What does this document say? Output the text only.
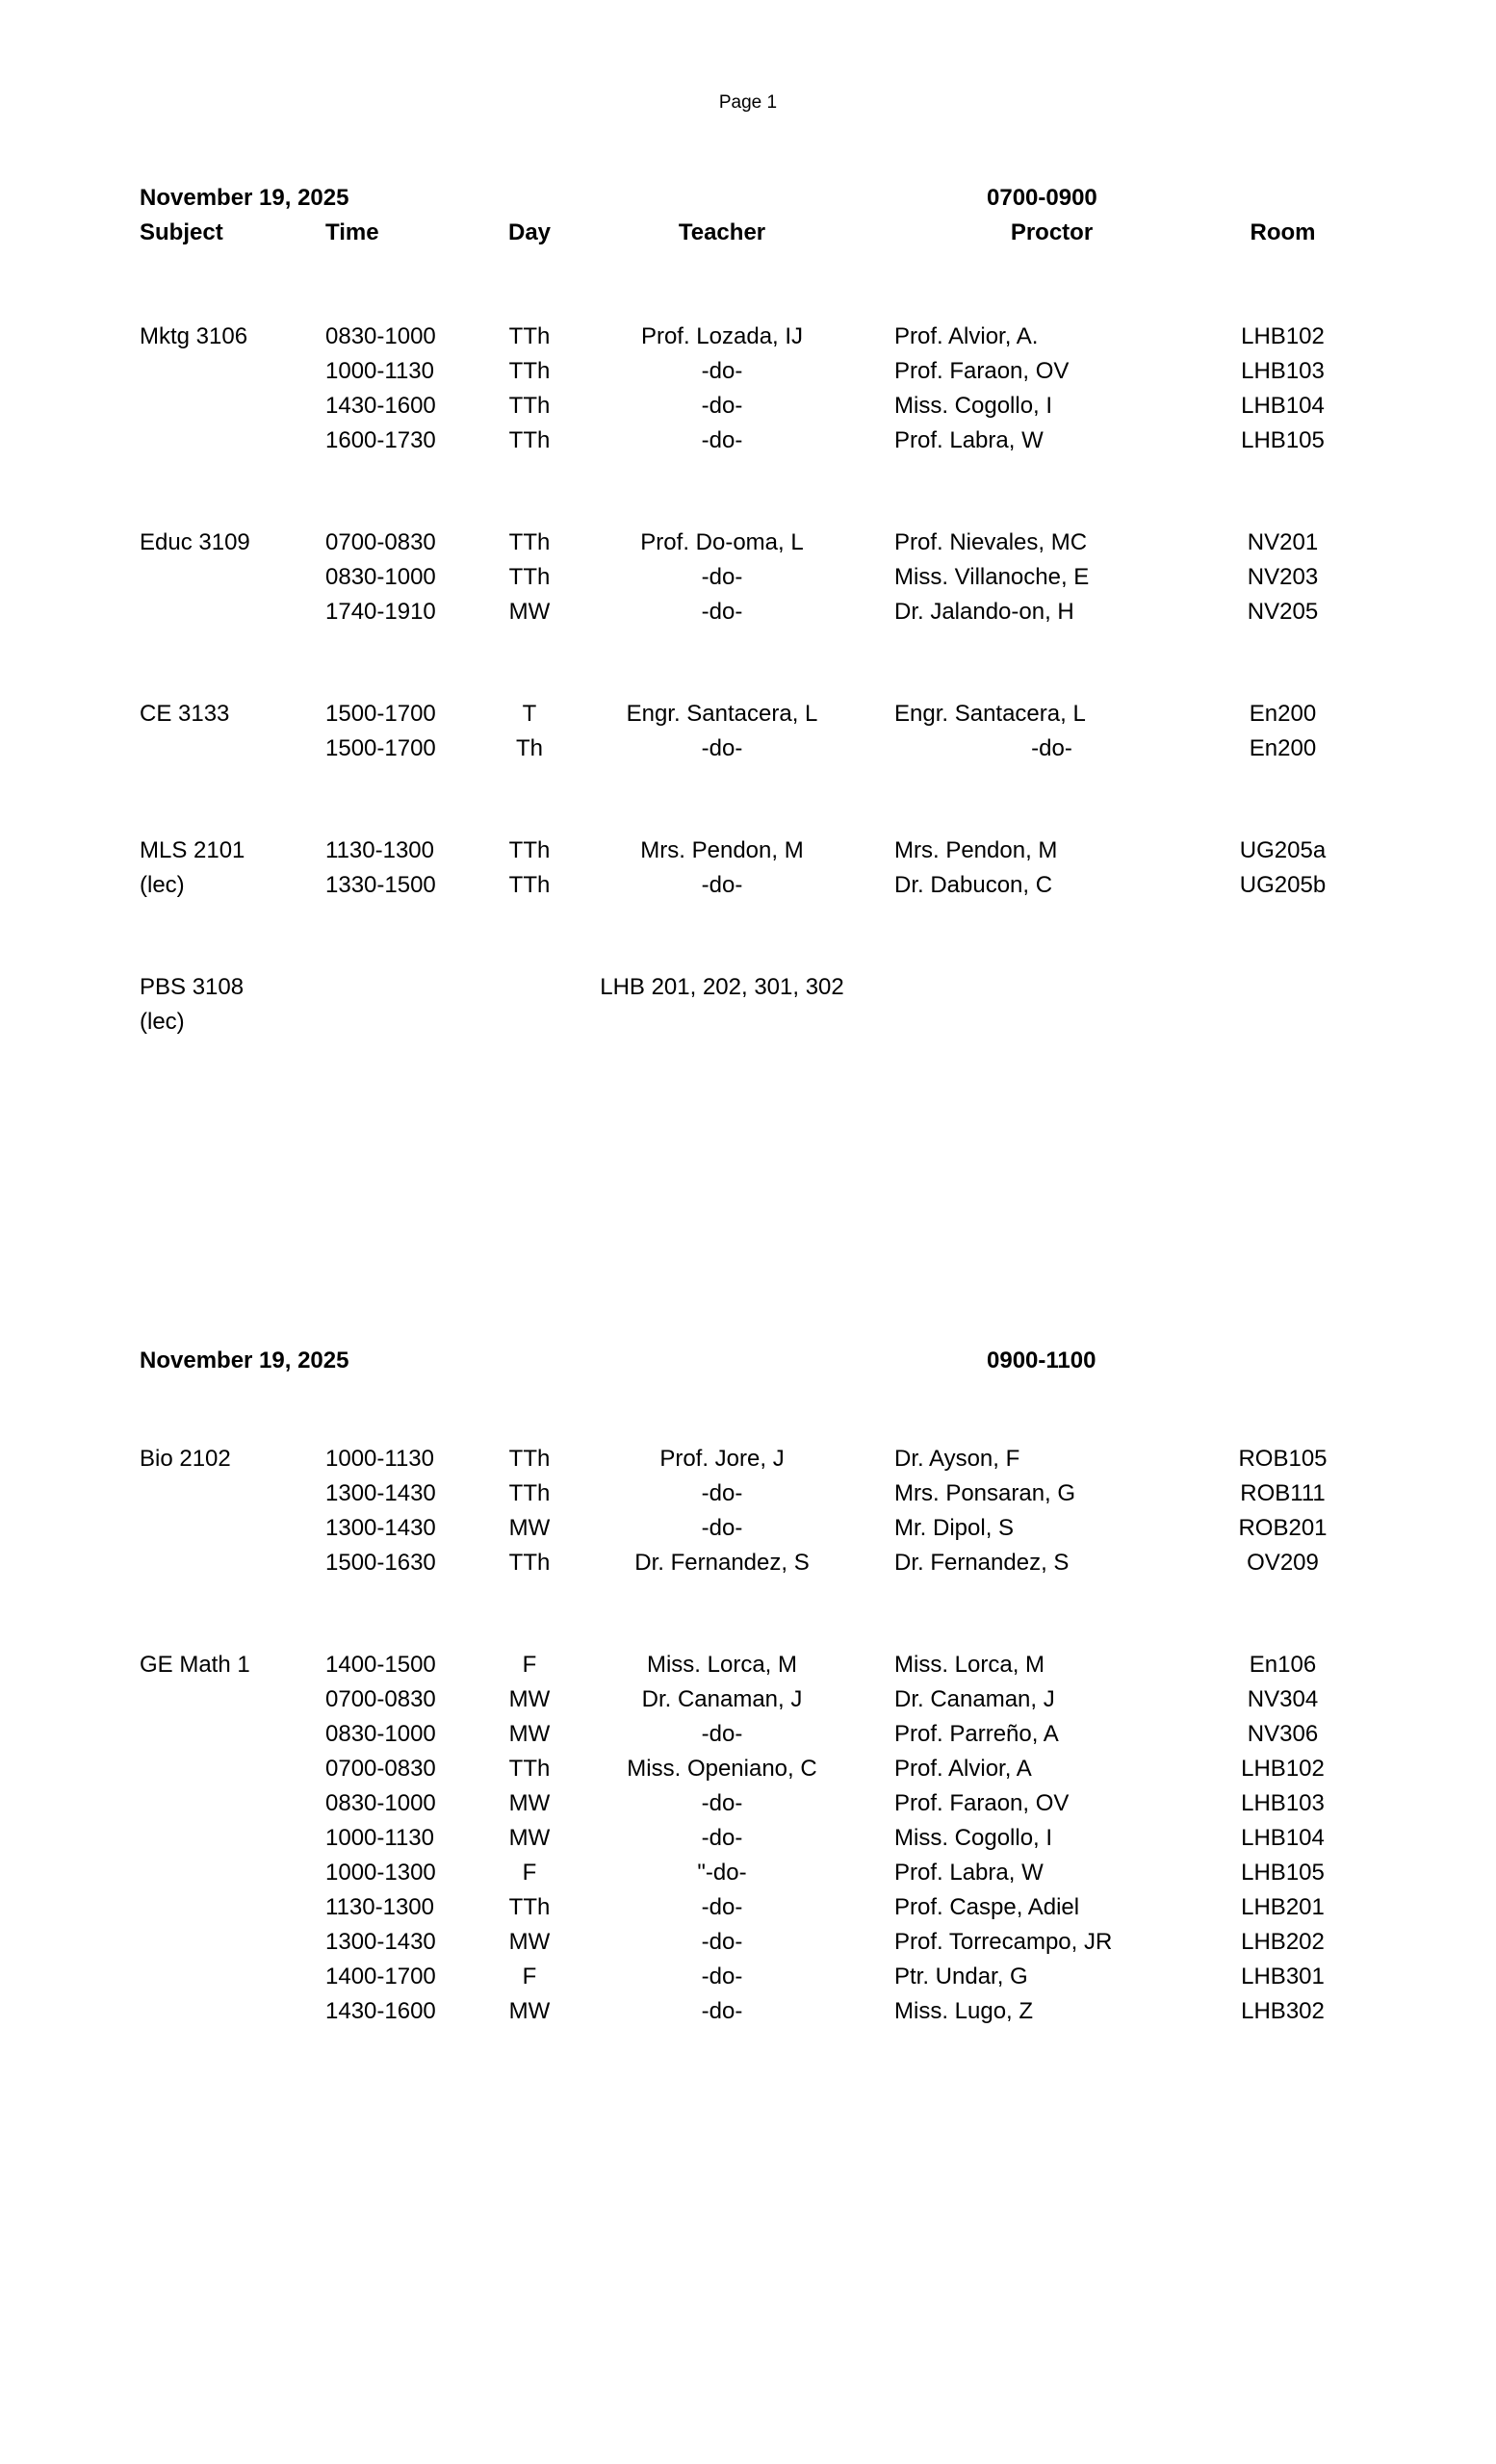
Page 1
November 19, 2025	0700-0900
Subject	Time	Day	Teacher	Proctor	Room
Mktg 3106	0830-1000	TTh	Prof. Lozada, IJ	Prof. Alvior, A.	LHB102
	1000-1130	TTh	-do-	Prof. Faraon, OV	LHB103
	1430-1600	TTh	-do-	Miss. Cogollo, I	LHB104
	1600-1730	TTh	-do-	Prof. Labra, W	LHB105
Educ 3109	0700-0830	TTh	Prof. Do-oma, L	Prof. Nievales, MC	NV201
	0830-1000	TTh	-do-	Miss. Villanoche, E	NV203
	1740-1910	MW	-do-	Dr. Jalando-on, H	NV205
CE 3133	1500-1700	T	Engr. Santacera, L	Engr. Santacera, L	En200
	1500-1700	Th	-do-	-do-	En200
MLS 2101	1130-1300	TTh	Mrs. Pendon, M	Mrs. Pendon, M	UG205a
(lec)	1330-1500	TTh	-do-	Dr. Dabucon, C	UG205b
PBS 3108			LHB 201, 202, 301, 302		
(lec)					
November 19, 2025	0900-1100
Bio 2102	1000-1130	TTh	Prof. Jore, J	Dr. Ayson, F	ROB105
	1300-1430	TTh	-do-	Mrs. Ponsaran, G	ROB111
	1300-1430	MW	-do-	Mr. Dipol, S	ROB201
	1500-1630	TTh	Dr. Fernandez, S	Dr. Fernandez, S	OV209
GE Math 1	1400-1500	F	Miss. Lorca, M	Miss. Lorca, M	En106
	0700-0830	MW	Dr. Canaman, J	Dr. Canaman, J	NV304
	0830-1000	MW	-do-	Prof. Parreño, A	NV306
	0700-0830	TTh	Miss. Openiano, C	Prof. Alvior, A	LHB102
	0830-1000	MW	-do-	Prof. Faraon, OV	LHB103
	1000-1130	MW	-do-	Miss. Cogollo, I	LHB104
	1000-1300	F	"-do-	Prof. Labra, W	LHB105
	1130-1300	TTh	-do-	Prof. Caspe, Adiel	LHB201
	1300-1430	MW	-do-	Prof. Torrecampo, JR	LHB202
	1400-1700	F	-do-	Ptr. Undar, G	LHB301
	1430-1600	MW	-do-	Miss. Lugo, Z	LHB302
